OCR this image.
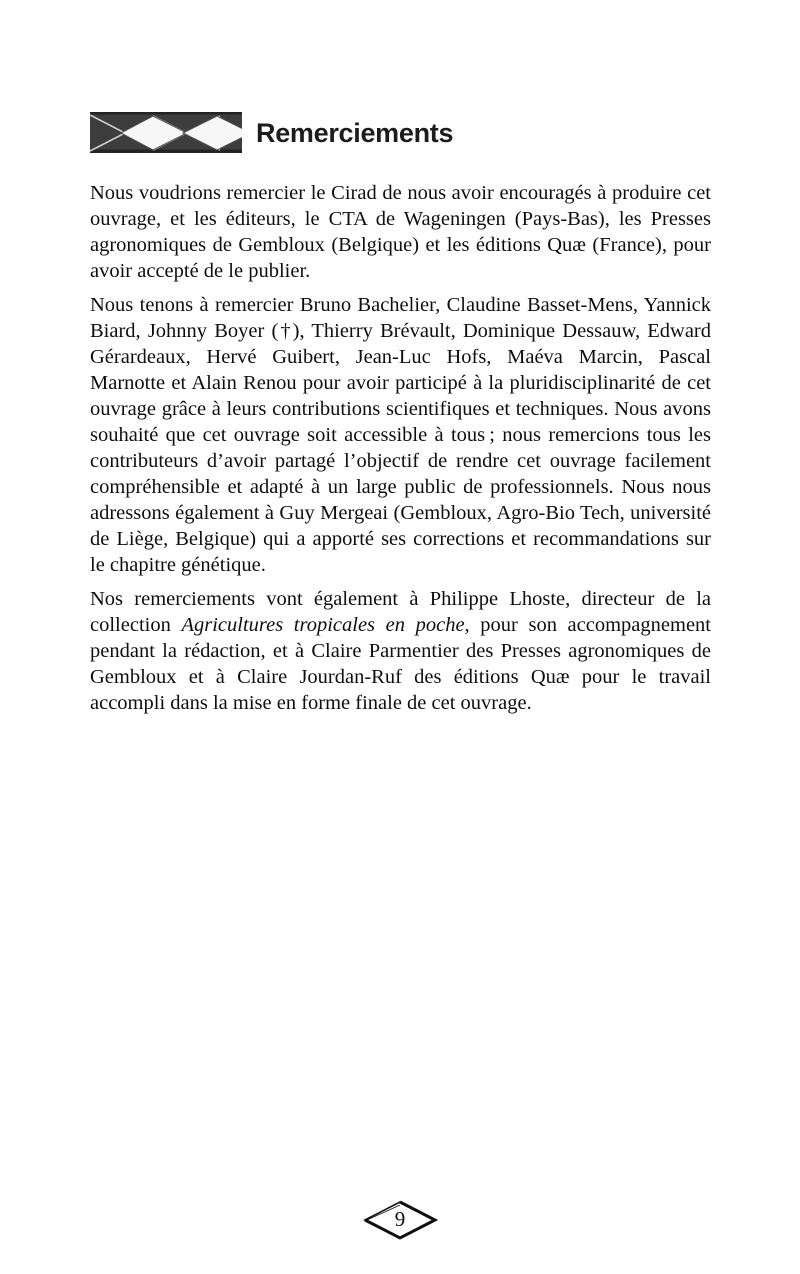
Remerciements

Nous voudrions remercier le Cirad de nous avoir encouragés à produire cet ouvrage, et les éditeurs, le CTA de Wageningen (Pays-Bas), les Presses agronomiques de Gembloux (Belgique) et les éditions Quæ (France), pour avoir accepté de le publier.

Nous tenons à remercier Bruno Bachelier, Claudine Basset-Mens, Yannick Biard, Johnny Boyer (†), Thierry Brévault, Dominique Dessauw, Edward Gérardeaux, Hervé Guibert, Jean-Luc Hofs, Maéva Marcin, Pascal Marnotte et Alain Renou pour avoir participé à la pluridisciplinarité de cet ouvrage grâce à leurs contributions scientifiques et techniques. Nous avons souhaité que cet ouvrage soit accessible à tous ; nous remercions tous les contributeurs d’avoir partagé l’objectif de rendre cet ouvrage facilement compréhensible et adapté à un large public de professionnels. Nous nous adressons également à Guy Mergeai (Gembloux, Agro-Bio Tech, université de Liège, Belgique) qui a apporté ses corrections et recommandations sur le chapitre génétique.

Nos remerciements vont également à Philippe Lhoste, directeur de la collection Agricultures tropicales en poche, pour son accompagnement pendant la rédaction, et à Claire Parmentier des Presses agronomiques de Gembloux et à Claire Jourdan-Ruf des éditions Quæ pour le travail accompli dans la mise en forme finale de cet ouvrage.

9
